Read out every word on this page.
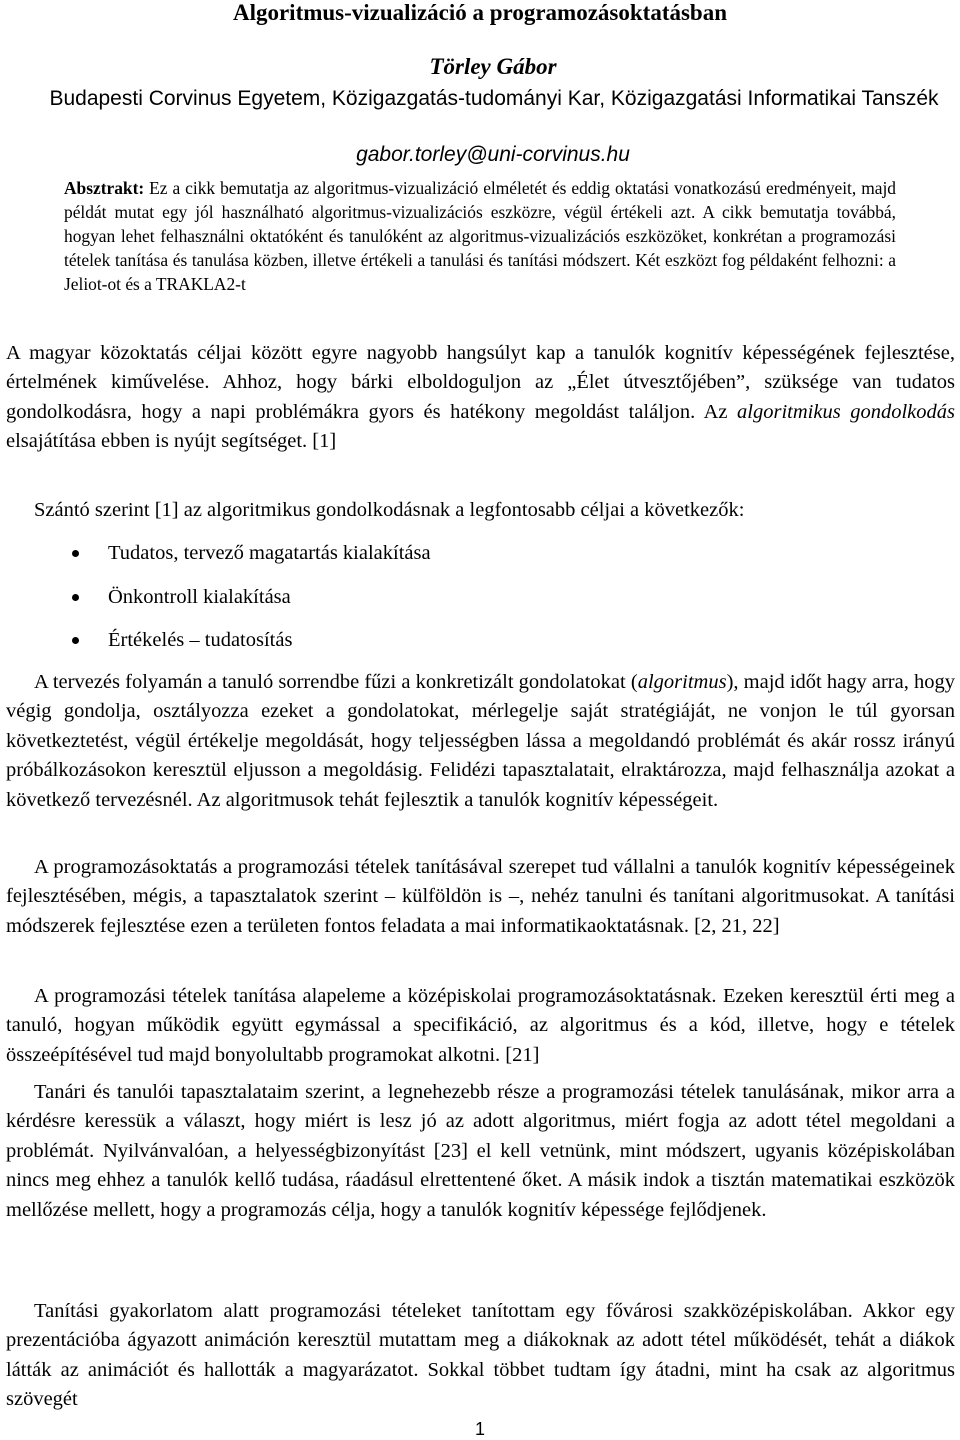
Algoritmus-vizualizáció a programozásoktatásban
Törley Gábor

Budapesti Corvinus Egyetem, Közigazgatás-tudományi Kar, Közigazgatási Informatikai Tanszék

gabor.torley@uni-corvinus.hu

Absztrakt: Ez a cikk bemutatja az algoritmus-vizualizáció elméletét és eddig oktatási vonatkozású eredményeit, majd példát mutat egy jól használható algoritmus-vizualizációs eszközre, végül értékeli azt. A cikk bemutatja továbbá, hogyan lehet felhasználni oktatóként és tanulóként az algoritmus-vizualizációs eszközöket, konkrétan a programozási tételek tanítása és tanulása közben, illetve értékeli a tanulási és tanítási módszert. Két eszközt fog példaként felhozni: a Jeliot-ot és a TRAKLA2-t

A magyar közoktatás céljai között egyre nagyobb hangsúlyt kap a tanulók kognitív képességének fejlesztése, értelmének kiművelése. Ahhoz, hogy bárki elboldoguljon az „Élet útvesztőjében”, szüksége van tudatos gondolkodásra, hogy a napi problémákra gyors és hatékony megoldást találjon. Az algoritmikus gondolkodás elsajátítása ebben is nyújt segítséget. [1]

Szántó szerint [1] az algoritmikus gondolkodásnak a legfontosabb céljai a következők:

Tudatos, tervező magatartás kialakítása
Önkontroll kialakítása
Értékelés – tudatosítás

A tervezés folyamán a tanuló sorrendbe fűzi a konkretizált gondolatokat (algoritmus), majd időt hagy arra, hogy végig gondolja, osztályozza ezeket a gondolatokat, mérlegelje saját stratégiáját, ne vonjon le túl gyorsan következtetést, végül értékelje megoldását, hogy teljességben lássa a megoldandó problémát és akár rossz irányú próbálkozásokon keresztül eljusson a megoldásig. Felidézi tapasztalatait, elraktározza, majd felhasználja azokat a következő tervezésnél. Az algoritmusok tehát fejlesztik a tanulók kognitív képességeit.

A programozásoktatás a programozási tételek tanításával szerepet tud vállalni a tanulók kognitív képességeinek fejlesztésében, mégis, a tapasztalatok szerint – külföldön is –, nehéz tanulni és tanítani algoritmusokat. A tanítási módszerek fejlesztése ezen a területen fontos feladata a mai informatikaoktatásnak. [2, 21, 22]

A programozási tételek tanítása alapeleme a középiskolai programozásoktatásnak. Ezeken keresztül érti meg a tanuló, hogyan működik együtt egymással a specifikáció, az algoritmus és a kód, illetve, hogy e tételek összeépítésével tud majd bonyolultabb programokat alkotni. [21]

Tanári és tanulói tapasztalataim szerint, a legnehezebb része a programozási tételek tanulásának, mikor arra a kérdésre keressük a választ, hogy miért is lesz jó az adott algoritmus, miért fogja az adott tétel megoldani a problémát. Nyilvánvalóan, a helyességbizonyítást [23] el kell vetnünk, mint módszert, ugyanis középiskolában nincs meg ehhez a tanulók kellő tudása, ráadásul elrettentené őket. A másik indok a tisztán matematikai eszközök mellőzése mellett, hogy a programozás célja, hogy a tanulók kognitív képessége fejlődjenek.

Tanítási gyakorlatom alatt programozási tételeket tanítottam egy fővárosi szakközépiskolában. Akkor egy prezentációba ágyazott animáción keresztül mutattam meg a diákoknak az adott tétel működését, tehát a diákok látták az animációt és hallották a magyarázatot. Sokkal többet tudtam így átadni, mint ha csak az algoritmus szövegét

1
